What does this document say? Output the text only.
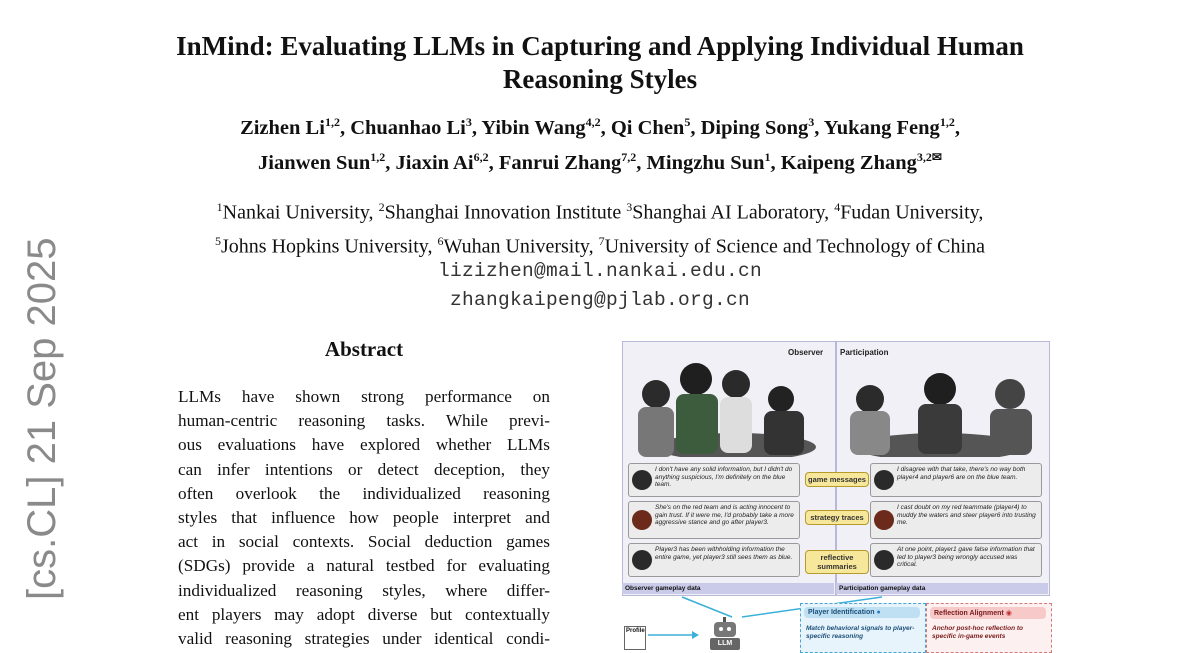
InMind: Evaluating LLMs in Capturing and Applying Individual Human
Reasoning Styles
Zizhen Li$^{1,2}$, Chuanhao Li$^3$, Yibin Wang$^{4,2}$, Qi Chen$^5$, Diping Song$^3$, Yukang Feng$^{1,2}$,
Jianwen Sun$^{1,2}$, Jiaxin Ai$^{6,2}$, Fanrui Zhang$^{7,2}$, Mingzhu Sun$^1$, Kaipeng Zhang$^{3,2✉}$
$^1$Nankai University, $^2$Shanghai Innovation Institute $^3$Shanghai AI Laboratory, $^4$Fudan University,
$^5$Johns Hopkins University, $^6$Wuhan University, $^7$University of Science and Technology of China
lizizhen@mail.nankai.edu.cn
zhangkaipeng@pjlab.org.cn
Abstract
LLMs have shown strong performance on
human-centric reasoning tasks. While previ-
ous evaluations have explored whether LLMs
can infer intentions or detect deception, they
often overlook the individualized reasoning
styles that influence how people interpret and
act in social contexts. Social deduction games
(SDGs) provide a natural testbed for evaluating
individualized reasoning styles, where differ-
ent players may adopt diverse but contextually
valid reasoning strategies under identical condi-
[cs.CL] 21 Sep 2025	Observer Participation
I don't have any solid information, but I didn't do anything suspicious, I'm definitely on the blue team.
She's on the red team and is acting innocent to gain trust. If it were me, I'd probably take a more aggressive stance and go after player3.
Player3 has been withholding information the entire game, yet player3 still sees them as blue.
game messages
strategy traces
reflective summaries
I disagree with that take, there's no way both player4 and player6 are on the blue team.
I cast doubt on my red teammate (player4) to muddy the waters and steer player6 into trusting me.
At one point, player1 gave false information that led to player3 being wrongly accused was critical.
Observer gameplay data	Participation gameplay data
Profile
LLM
Player Identification ●
Match behavioral signals to player-specific reasoning
Reflection Alignment ◉
Anchor post-hoc reflection to specific in-game events
